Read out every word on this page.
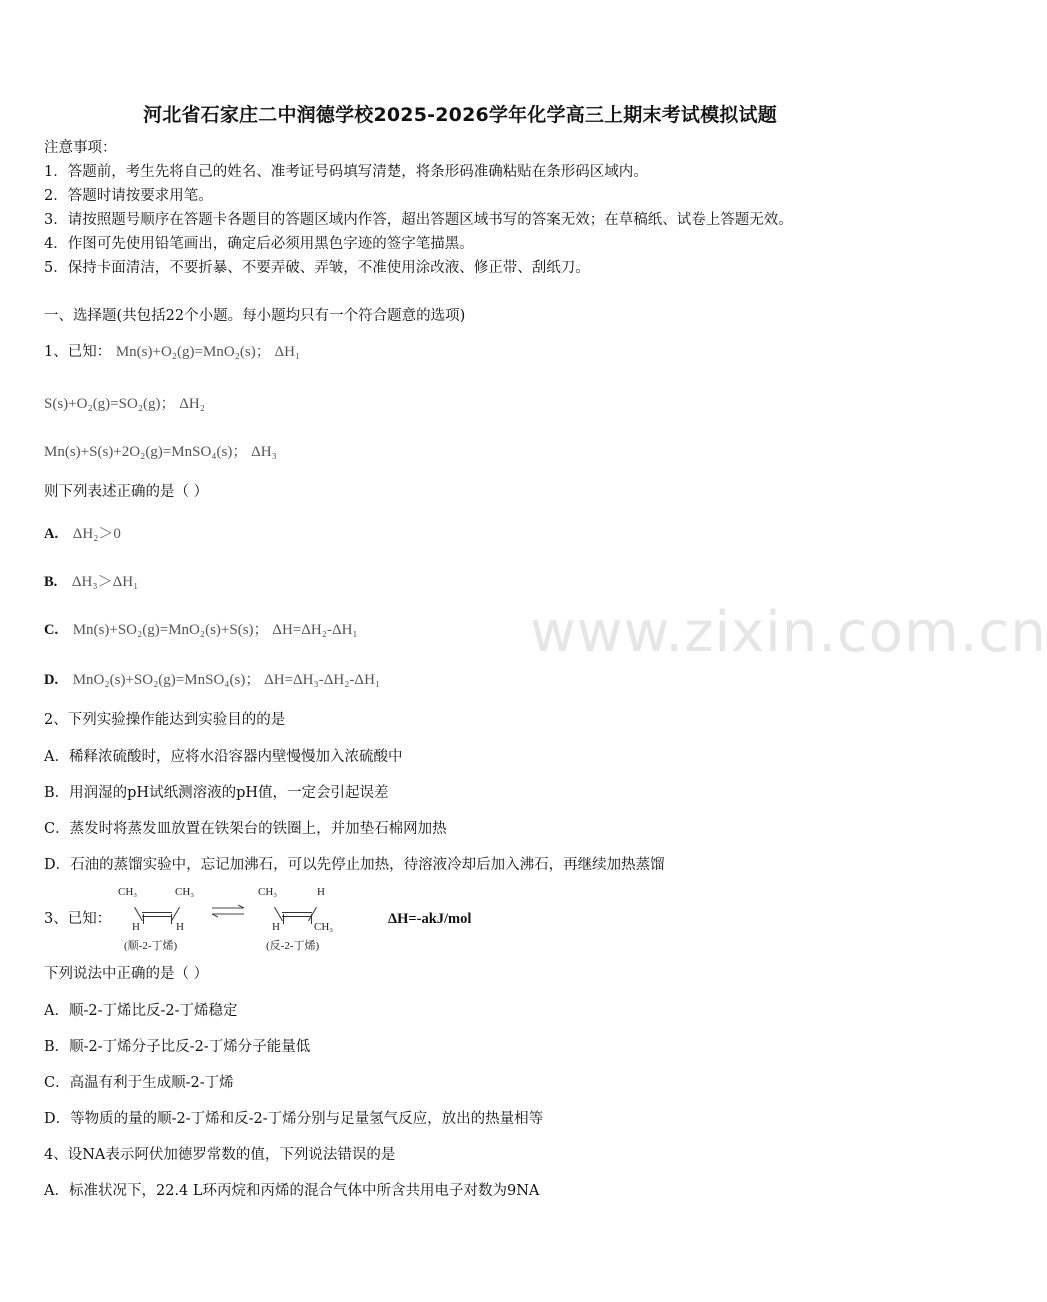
www.zixin.com.cn
河北省石家庄二中润德学校2025-2026学年化学高三上期末考试模拟试题
注意事项：
1．答题前，考生先将自己的姓名、准考证号码填写清楚，将条形码准确粘贴在条形码区域内。
2．答题时请按要求用笔。
3．请按照题号顺序在答题卡各题目的答题区域内作答，超出答题区域书写的答案无效；在草稿纸、试卷上答题无效。
4．作图可先使用铅笔画出，确定后必须用黑色字迹的签字笔描黑。
5．保持卡面清洁，不要折暴、不要弄破、弄皱，不准使用涂改液、修正带、刮纸刀。
一、选择题(共包括22个小题。每小题均只有一个符合题意的选项)
1、已知： Mn(s)+O₂(g)=MnO₂(s)； ΔH₁
S(s)+O₂(g)=SO₂(g)； ΔH₂
Mn(s)+S(s)+2O₂(g)=MnSO₄(s)； ΔH₃
则下列表述正确的是（ ）
A. ΔH₂＞0
B. ΔH₃＞ΔH₁
C. Mn(s)+SO₂(g)=MnO₂(s)+S(s)； ΔH=ΔH₂-ΔH₁
D. MnO₂(s)+SO₂(g)=MnSO₄(s)； ΔH=ΔH₃-ΔH₂-ΔH₁
2、下列实验操作能达到实验目的的是
A．稀释浓硫酸时，应将水沿容器内壁慢慢加入浓硫酸中
B．用润湿的pH试纸测溶液的pH值，一定会引起误差
C．蒸发时将蒸发皿放置在铁架台的铁圈上，并加垫石棉网加热
D．石油的蒸馏实验中，忘记加沸石，可以先停止加热，待溶液冷却后加入沸石，再继续加热蒸馏
3、已知：
CH₃	CH₃
H	H
(顺-2-丁烯)
CH₃	H
H	CH₃
(反-2-丁烯)
ΔH=-akJ/mol
下列说法中正确的是（ ）
A．顺-2-丁烯比反-2-丁烯稳定
B．顺-2-丁烯分子比反-2-丁烯分子能量低
C．高温有利于生成顺-2-丁烯
D．等物质的量的顺-2-丁烯和反-2-丁烯分别与足量氢气反应，放出的热量相等
4、设NA表示阿伏加德罗常数的值，下列说法错误的是
A．标准状况下，22.4 L环丙烷和丙烯的混合气体中所含共用电子对数为9NA
